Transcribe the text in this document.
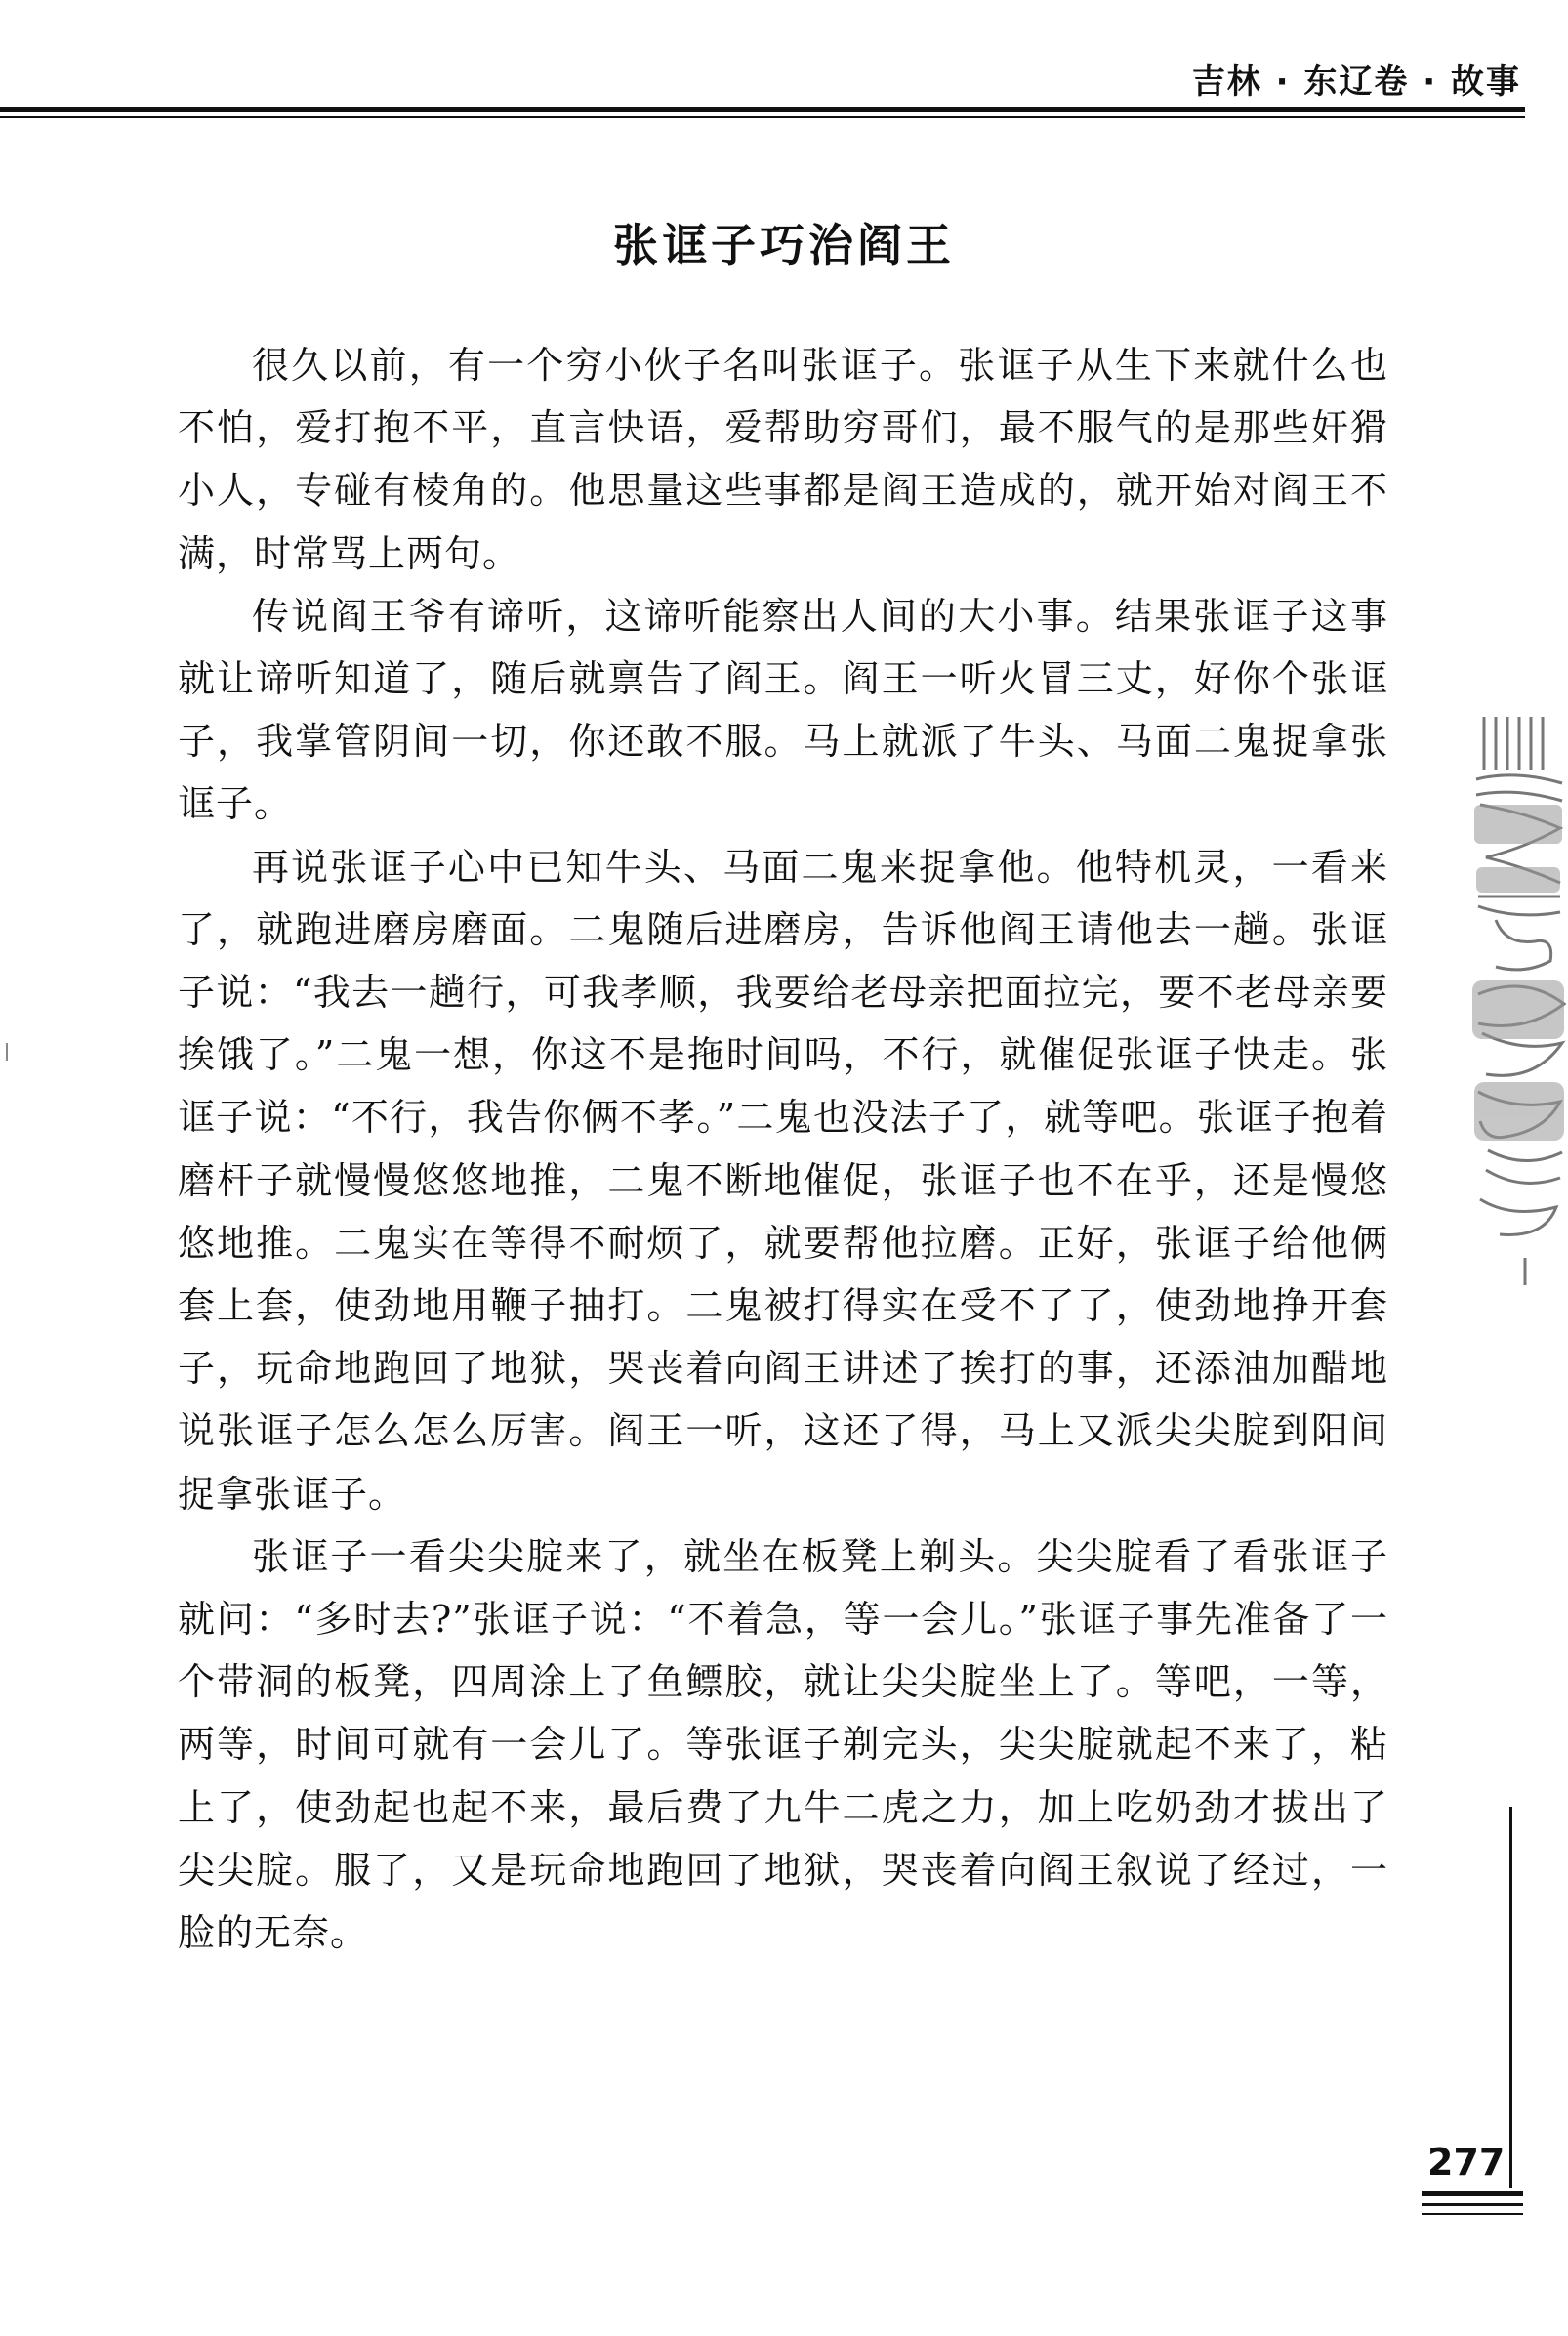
吉林 · 东辽卷 · 故事
张诓子巧治阎王

很久以前，有一个穷小伙子名叫张诓子。张诓子从生下来就什么也不怕，爱打抱不平，直言快语，爱帮助穷哥们，最不服气的是那些奸猾小人，专碰有棱角的。他思量这些事都是阎王造成的，就开始对阎王不满，时常骂上两句。

传说阎王爷有谛听，这谛听能察出人间的大小事。结果张诓子这事就让谛听知道了，随后就禀告了阎王。阎王一听火冒三丈，好你个张诓子，我掌管阴间一切，你还敢不服。马上就派了牛头、马面二鬼捉拿张诓子。

再说张诓子心中已知牛头、马面二鬼来捉拿他。他特机灵，一看来了，就跑进磨房磨面。二鬼随后进磨房，告诉他阎王请他去一趟。张诓子说：“我去一趟行，可我孝顺，我要给老母亲把面拉完，要不老母亲要挨饿了。”二鬼一想，你这不是拖时间吗，不行，就催促张诓子快走。张诓子说：“不行，我告你俩不孝。”二鬼也没法子了，就等吧。张诓子抱着磨杆子就慢慢悠悠地推，二鬼不断地催促，张诓子也不在乎，还是慢悠悠地推。二鬼实在等得不耐烦了，就要帮他拉磨。正好，张诓子给他俩套上套，使劲地用鞭子抽打。二鬼被打得实在受不了了，使劲地挣开套子，玩命地跑回了地狱，哭丧着向阎王讲述了挨打的事，还添油加醋地说张诓子怎么怎么厉害。阎王一听，这还了得，马上又派尖尖腚到阳间捉拿张诓子。

张诓子一看尖尖腚来了，就坐在板凳上剃头。尖尖腚看了看张诓子就问：“多时去?”张诓子说：“不着急，等一会儿。”张诓子事先准备了一个带洞的板凳，四周涂上了鱼鳔胶，就让尖尖腚坐上了。等吧，一等，两等，时间可就有一会儿了。等张诓子剃完头，尖尖腚就起不来了，粘上了，使劲起也起不来，最后费了九牛二虎之力，加上吃奶劲才拔出了尖尖腚。服了，又是玩命地跑回了地狱，哭丧着向阎王叙说了经过，一脸的无奈。

277
